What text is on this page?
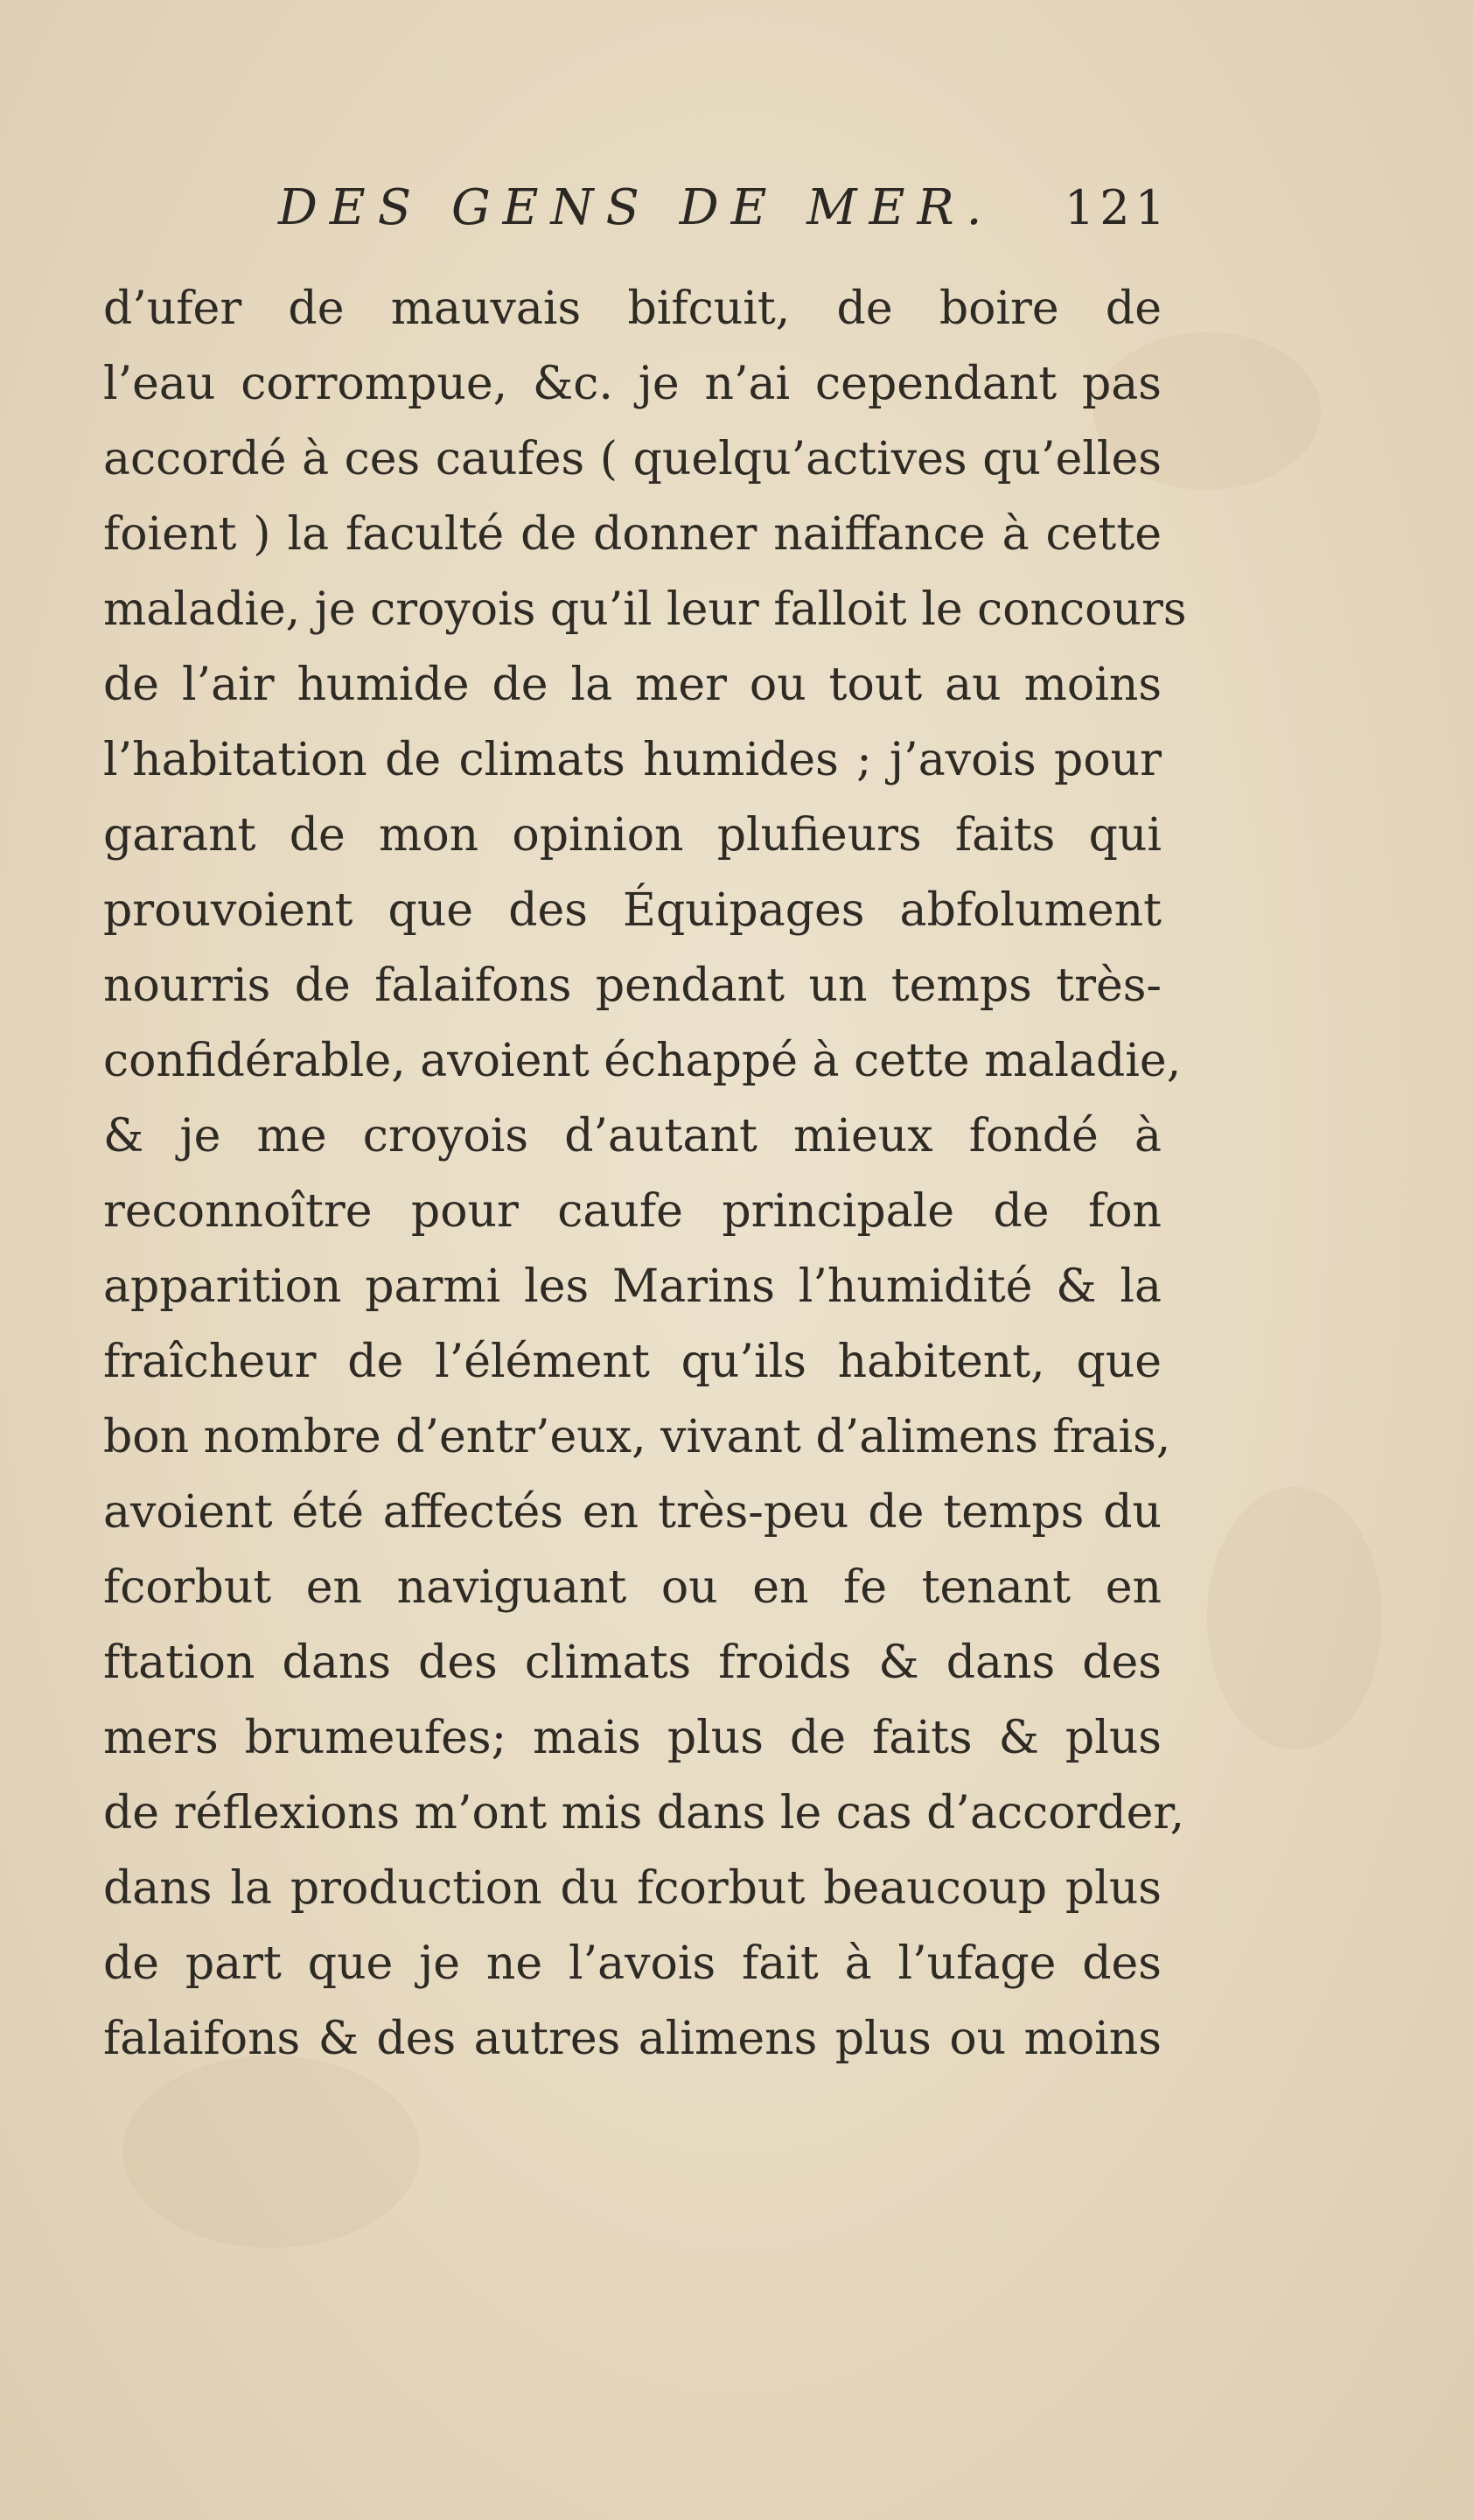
DES GENS DE MER. 121
d’ufer de mauvais bifcuit, de boire de
l’eau corrompue, &c. je n’ai cependant pas
accordé à ces caufes ( quelqu’actives qu’elles
foient ) la faculté de donner naiffance à cette
maladie, je croyois qu’il leur falloit le concours
de l’air humide de la mer ou tout au moins
l’habitation de climats humides ; j’avois pour
garant de mon opinion plufieurs faits qui
prouvoient que des Équipages abfolument
nourris de falaifons pendant un temps très-
confidérable, avoient échappé à cette maladie,
& je me croyois d’autant mieux fondé à
reconnoître pour caufe principale de fon
apparition parmi les Marins l’humidité & la
fraîcheur de l’élément qu’ils habitent, que
bon nombre d’entr’eux, vivant d’alimens frais,
avoient été affectés en très-peu de temps du
fcorbut en naviguant ou en fe tenant en
ftation dans des climats froids & dans des
mers brumeufes; mais plus de faits & plus
de réflexions m’ont mis dans le cas d’accorder,
dans la production du fcorbut beaucoup plus
de part que je ne l’avois fait à l’ufage des
falaifons & des autres alimens plus ou moins
